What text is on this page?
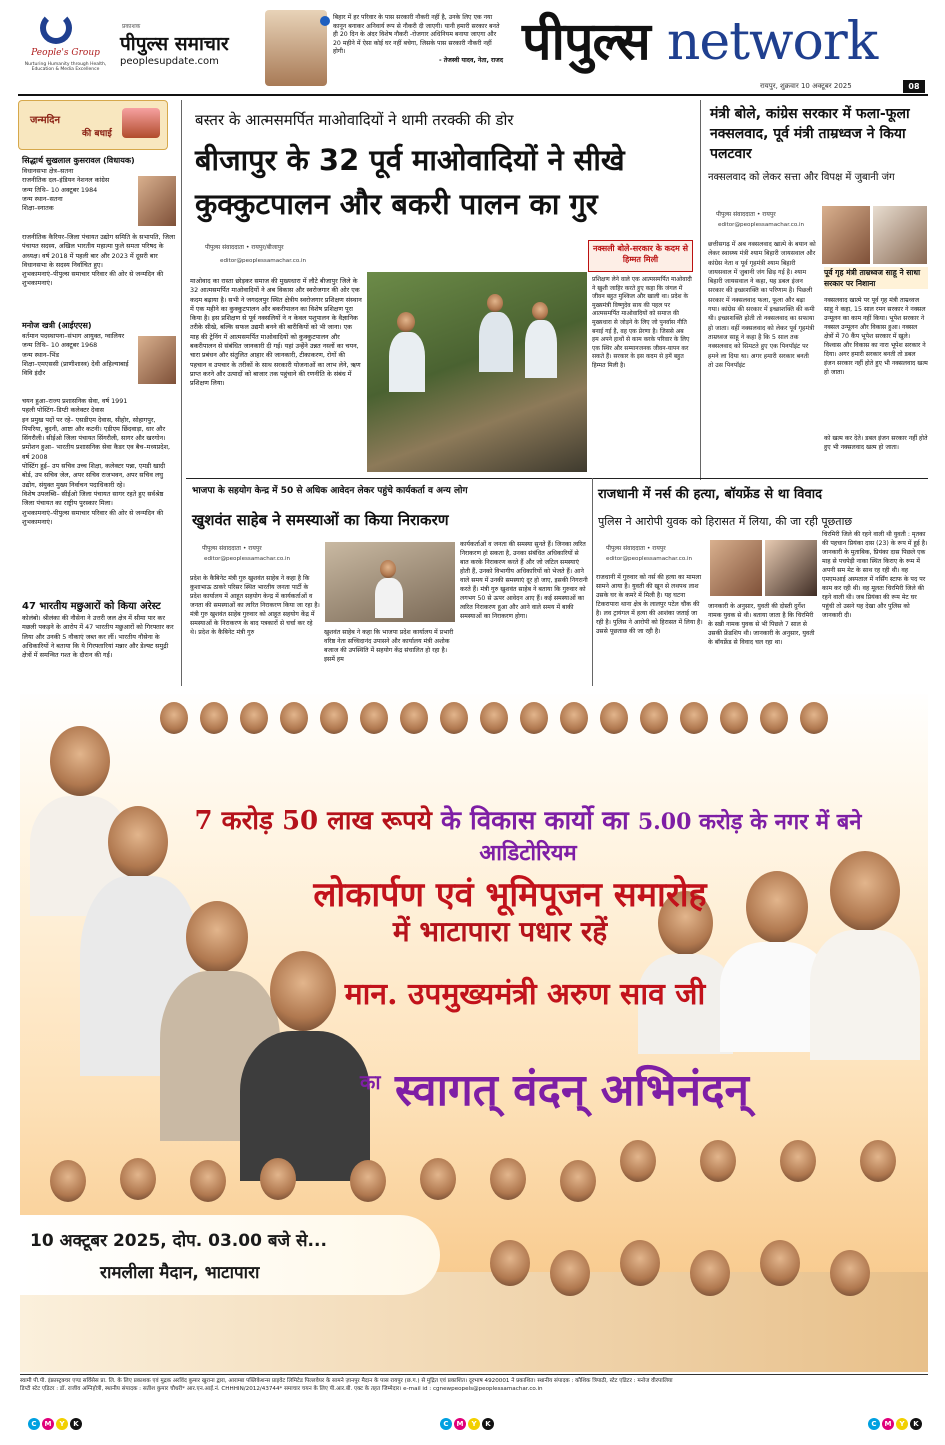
People's Group
Nurturing Humanity through Health, Education & Media Excellence
प्रकाशक
पीपुल्स समाचार
peoplesupdate.com
बिहार में हर परिवार के पास सरकारी नौकरी नहीं है, उनके लिए एक नया कानून बनाकर अनिवार्य रूप से नौकरी दी जाएगी। यानी हमारी सरकार बनते ही 20 दिन के अंदर विशेष नौकरी -रोजगार अधिनियम बनाया जाएगा और 20 महीने में ऐसा कोई घर नहीं बचेगा, जिसके पास सरकारी नौकरी नहीं होगी।
- तेजस्वी यादव, नेता, राजद पीपुल्स network
रायपुर, शुक्रवार 10 अक्टूबर 2025	08
जन्मदिन
की बधाई
सिद्धार्थ सुखलाल कुसरावल (विधायक)
विधानसभा क्षेत्र–सतना
राजनीतिक दल–इंडियन नेशनल कांग्रेस
जन्म तिथि– 10 अक्टूबर 1984
जन्म स्थान–सतना
शिक्षा–स्नातक
राजनीतिक कैरियर–जिला पंचायत उद्योग समिति के सभापति, जिला पंचायत सदस्य, अखिल भारतीय महात्मा फुले समता परिषद के अध्यक्ष। वर्ष 2018 में पहली बार और 2023 में दूसरी बार विधानसभा के सदस्य निर्वाचित हुए।
शुभकामनाएं–पीपुल्स समाचार परिवार की ओर से जन्मदिन की शुभकामनाएं।
मनोज खत्री (आईएएस)
वर्तमान पदस्थापना–संभाग आयुक्त, ग्वालियर
जन्म तिथि– 10 अक्टूबर 1968
जन्म स्थान–भिंड
शिक्षा–एमएससी (प्राणीशास्त्र) देवी अहिल्याबाई विवि इंदौर
चयन हुआ–राज्य प्रशासनिक सेवा, वर्ष 1991
पहली पोस्टिंग–डिप्टी कलेक्टर देवास
इन प्रमुख पदों पर रहे– एसडीएम देवास, सीहोर, सोहागपुर, पिपरिया, बुदनी, आष्टा और कटनी। एडीएम छिंदवाड़ा, धार और सिंगरौली। सीईओ जिला पंचायत सिंगरौली, सागर और खरगोन।
प्रमोशन हुआ– भारतीय प्रशासनिक सेवा कैडर एव बैच–मध्यप्रदेश, वर्ष 2008
पोस्टिंग हुई– उप सचिव उच्च शिक्षा, कलेक्टर पन्ना, एमडी खादी बोर्ड, उप सचिव जेल, अपर सचिव राजभवन, अपर सचिव लघु उद्योग, संयुक्त मुख्य निर्वाचन पदाधिकारी रहे।
विशेष उपलब्धि– सीईओ जिला पंचायत सागर रहते हुए सर्वश्रेष्ठ जिला पंचायत का राष्ट्रीय पुरस्कार मिला।
शुभकामनाएं–पीपुल्स समाचार परिवार की ओर से जन्मदिन की शुभकामनाएं।
47 भारतीय मछुआरों को किया अरेस्ट
कोलंबो। श्रीलंका की नौसेना ने उत्तरी जल क्षेत्र में सीमा पार कर मछली पकड़ने के आरोप में 47 भारतीय मछुआरों को गिरफ्तार कर लिया और उनकी 5 नौकाएं जब्त कर लीं। भारतीय नौसेना के अधिकारियों ने बताया कि ये गिरफ्तारियां मन्नार और डेल्फ्ट समुद्री क्षेत्रों में समन्वित गश्त के दौरान की गईं।
बस्तर के आत्मसमर्पित माओवादियों ने थामी तरक्की की डोर
बीजापुर के 32 पूर्व माओवादियों ने सीखे
कुक्कुटपालन और बकरी पालन का गुर
पीपुल्स संवाददाता • रायपुर/बीजापुर
editor@peoplessamachar.co.in
माओवाद का रास्ता छोड़कर समाज की मुख्यधारा में लौटे बीजापुर जिले के 32 आत्मसमर्पित माओवादियों ने अब विकास और स्वरोजगार की ओर एक कदम बढ़ाया है। सभी ने जगदलपुर स्थित क्षेत्रीय स्वरोजगार प्रशिक्षण संस्थान में एक महीने का कुक्कुटपालन और बकरीपालन का विशेष प्रशिक्षण पूरा किया है। इस प्रशिक्षण से पूर्व नक्सलियों ने न केवल पशुपालन के वैज्ञानिक तरीके सीखे, बल्कि सफल उद्यमी बनने की बारीकियों को भी जाना। एक माह की ट्रेनिंग में आत्मसमर्पित माओवादियों को कुक्कुटपालन और बकरीपालन से संबंधित जानकारी दी गई। यहां उन्हेंने उन्नत नस्लों का चयन, चारा प्रबंधन और संतुलित आहार की जानकारी, टीकाकरण, रोगों की पहचान व उपचार के तरीकों के साथ सरकारी योजनाओं का लाभ लेने, ऋण प्राप्त करने और उत्पादों को बाजार तक पहुंचाने की रणनीति के संबंध में प्रशिक्षण लिया।
नक्सली बोले-सरकार के कदम से हिम्मत मिली
प्रशिक्षण लेने वाले एक आत्मसमर्पित माओवादी ने खुशी जाहिर करते हुए कहा कि जंगल में जीवन बहुत मुश्किल और खाली था। प्रदेश के मुख्यमंत्री विष्णुदेव साय की पहल पर आत्मसमर्पित माओवादियों को समाज की मुख्यधारा से जोड़ने के लिए जो पुनर्वास नीति बनाई गई है, वह एक प्रेरणा है। जिससे अब हम अपने हाथों से काम करके परिवार के लिए एक स्थिर और सम्मानजनक जीवन-यापन कर सकते हैं। सरकार के इस कदम से हमें बहुत हिम्मत मिली है।
मंत्री बोले, कांग्रेस सरकार में फला-फूला नक्सलवाद, पूर्व मंत्री ताम्रध्वज ने किया पलटवार
नक्सलवाद को लेकर सत्ता और विपक्ष में जुबानी जंग
पीपुल्स संवाददाता • रायपुर
editor@peoplessamachar.co.in
छत्तीसगढ़ में अब नक्सलवाद खात्मे के बयान को लेकर स्वास्थ्य मंत्री श्याम बिहारी जायसवाल और कांग्रेस नेता व पूर्व गृहमंत्री श्याम बिहारी जायसवाल में जुबानी जंग छिड़ गई है। श्याम बिहारी जायसवाल ने कहा, यह डबल इंजन सरकार की इच्छाशक्ति का परिणाम है। पिछली सरकार में नक्सलवाद फला, फूला और बढ़ा गया। कांग्रेस की सरकार में इच्छाशक्ति की कमी थी। इच्छाशक्ति होती तो नक्सलवाद का सफाया हो जाता। वहीं नक्सलवाद को लेकर पूर्व गृहमंत्री ताम्रध्वज साहू ने कहा है कि 5 साल तक नक्सलवाद को सिमटते हुए एक पिनपॉइंट पर हमने ला दिया था। अगर हमारी सरकार बनती तो उस पिनपॉइंट
पूर्व गृह मंत्री ताम्रध्वज साहू ने साधा सरकार पर निशाना
नक्सलवाद खात्मे पर पूर्व गृह मंत्री ताम्रध्वज साहू ने कहा, 15 साल रमन सरकार ने नक्सल उन्मूलन का काम नहीं किया। भूपेश सरकार ने नक्सल उन्मूलन और विकास हुआ। नक्सल क्षेत्रों में 70 कैंप भूपेश सरकार में खुले। विश्वास और विकास का नारा भूपेश सरकार ने दिया। अगर हमारी सरकार बनती तो डबल इंजन सरकार नहीं होते हुए भी नक्सलवाद खत्म हो जाता।
को खत्म कर देते। डबल इंजन सरकार नहीं होते हुए भी नक्सलवाद खत्म हो जाता।
भाजपा के सहयोग केन्द्र में 50 से अधिक आवेदन लेकर पहुंचे कार्यकर्ता व अन्य लोग
खुशवंत साहेब ने समस्याओं का किया निराकरण
पीपुल्स संवाददाता • रायपुर
editor@peoplessamachar.co.in
प्रदेश के कैबिनेट मंत्री गुरु खुशवंत साहेब ने कहा है कि कुशाभाऊ ठाकरे परिसर स्थित भारतीय जनता पार्टी के प्रदेश कार्यालय में आहूत सहयोग केन्द्र में कार्यकर्ताओं व जनता की समस्याओं का त्वरित निराकरण किया जा रहा है। मंत्री गुरु खुशवंत साहेब गुरुवार को आहूत सहयोग केंद्र में समस्याओं के निराकरण के बाद पत्रकारों से चर्चा कर रहे थे। प्रदेश के कैबिनेट मंत्री गुरु	खुशवंत साहेब ने कहा कि भाजपा प्रदेश कार्यालय में प्रभारी वरिष्ठ नेता सच्चिदानंद उपासने और कार्यालय मंत्री अशोक बजाज की उपस्थिति में सहयोग केंद्र संचालित हो रहा है। इसमें हम
कार्यकर्ताओं व जनता की समस्या सुनते हैं। जिनका त्वरित निराकरण हो सकता है, उनका संबंधित अधिकारियों से बात करके निराकरण करते हैं और जो जटिल समस्याएं होती हैं, उनको विभागीय अधिकारियों को भेजते हैं। आने वाले समय में उनकी समस्याएं दूर हो जाए, इसकी निगरानी करते हैं। मंत्री गुरु खुशवंत साहेब ने बताया कि गुरुवार को लगभग 50 से ऊपर आवेदन आए हैं। कई समस्याओं का त्वरित निराकरण हुआ और आने वाले समय में बाकी समस्याओं का निराकरण होगा।
राजधानी में नर्स की हत्या, बॉयफ्रेंड से था विवाद
पुलिस ने आरोपी युवक को हिरासत में लिया, की जा रही पूछताछ
पीपुल्स संवाददाता • रायपुर
editor@peoplessamachar.co.in
राजधानी में गुरुवार को नर्स की हत्या का मामला सामने आया है। युवती की खून से लथपथ लाश उसके घर के कमरे में मिली है। यह घटना टिकरापारा थाना क्षेत्र के लालपुर पटेल चौक की है। लव ट्रायंगल में हत्या की आशंका जताई जा रही है। पुलिस ने आरोपी को हिरासत में लिया है। उससे पूछताछ की जा रही है।
जानकारी के अनुसार, युवती की दोस्ती दुर्गेश नामक युवक से थी। बताया जाता है कि चिरमिरी के सन्नी नामक युवक से भी पिछले 7 साल से उसकी फ्रेंडशिप थी। जानकारी के अनुसार, युवती के बॉयफ्रेंड से विवाद चल रहा था।
चिरमिरी जिले की रहने वाली थी युवती : मृतका की पहचान प्रियंका दास (23) के रूप में हुई है। जानकारी के मुताबिक, प्रियंका दास पिछले एक माह से पचपेड़ी नाका स्थित किराए के रूम में अपनी सम मेट के साथ रह रही थी। वह एमएमआई अस्पताल में नर्सिंग स्टाफ के पद पर काम कर रही थी। वह मूलतः चिरमिरी जिले की रहने वाली थी। जब प्रियंका की रूम मेट घर पहुंची तो उसने यह देखा और पुलिस को जानकारी दी।
7 करोड़ 50 लाख रूपये के विकास कार्यो का 5.00 करोड़ के नगर में बने आडिटोरियम
लोकार्पण एवं भूमिपूजन समारोह
में भाटापारा पधार रहें
मान. उपमुख्यमंत्री अरुण साव जी
का स्वागत् वंदन् अभिनंदन्
10 अक्टूबर 2025, दोप. 03.00 बजे से...
रामलीला मैदान, भाटापारा
स्वामी पी.पी. इंफ्रास्ट्रक्चर एण्ड सर्विसेस प्रा. लि. के लिए प्रकाशक एवं मुद्रक अरविंद कुमार खुराना द्वारा, आराम्बा पब्लिकेशन्स प्राइवेट लिमिटेड पिल्लवेयर के सामने ज़ानपुर मैदान के पास रायपुर (छ.ग.) से मुद्रित एवं प्रकाशित। दूरभाष 4920001 ने प्रकाशित। स्थानीय संपादक : कौशिक त्रिपाठी, स्टेट एडिटर : मनोज वीरपालिया
डिप्टी स्टेट एडिटर : डॉ. राजीव अग्निहोत्री, स्थानीय संपादक : सतीश कुमार चौधरी* आर.एन.आई.नं. CHHHIN/2012/43744* समाचार चयन के लिए पी.आर.बी. एक्ट के तहत जिम्मेदार। e-mail id : cgnewpeopels@peoplessamachar.co.in
C	M	Y	K	C	M	Y	K	C	M	Y	K
